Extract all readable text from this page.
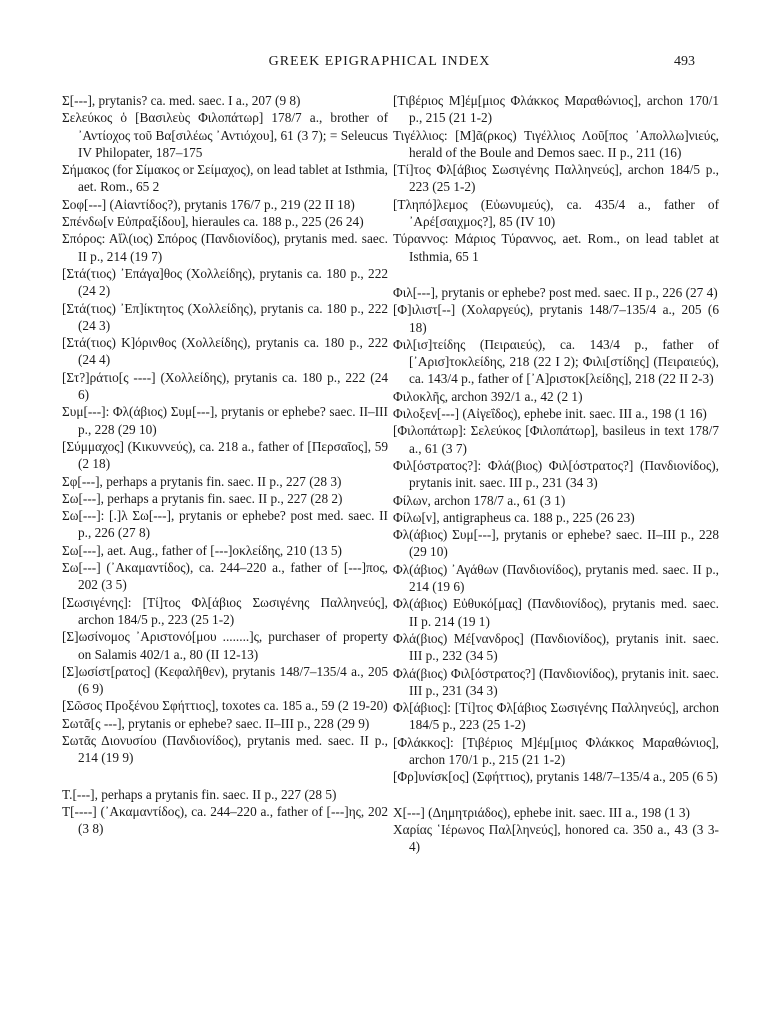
GREEK EPIGRAPHICAL INDEX	493

Σ[---], prytanis? ca. med. saec. I a., 207 (9 8)

Σελεύκος ὁ [Βασιλεὺς Φιλοπάτωρ] 178/7 a., brother of ᾿Αντίοχος τοῦ Βα[σιλέως ᾿Αντιόχου], 61 (3 7); = Seleucus IV Philopater, 187–175

Σήμακος (for Σίμακος or Σείμαχος), on lead tablet at Isthmia, aet. Rom., 65 2

Σοφ[---] (Αἰαντίδος?), prytanis 176/7 p., 219 (22 II 18)

Σπένδω[ν Εὐπραξίδου], hieraules ca. 188 p., 225 (26 24)

Σπόρος: Αἴλ(ιος) Σπόρος (Πανδιονίδος), prytanis med. saec. II p., 214 (19 7)

[Στά(τιος) ᾿Επάγα]θος (Χολλείδης), prytanis ca. 180 p., 222 (24 2)

[Στά(τιος) ᾿Επ]ίκτητος (Χολλείδης), prytanis ca. 180 p., 222 (24 3)

[Στά(τιος) Κ]όρινθος (Χολλείδης), prytanis ca. 180 p., 222 (24 4)

[Στ?]ράτιο[ς ----] (Χολλείδης), prytanis ca. 180 p., 222 (24 6)

Συμ[---]: Φλ(άβιος) Συμ[---], prytanis or ephebe? saec. II–III p., 228 (29 10)

[Σύμμαχος] (Κικυννεύς), ca. 218 a., father of [Περσαῖος], 59 (2 18)

Σφ[---], perhaps a prytanis fin. saec. II p., 227 (28 3)

Σω[---], perhaps a prytanis fin. saec. II p., 227 (28 2)

Σω[---]: [.]λ Σω[---], prytanis or ephebe? post med. saec. II p., 226 (27 8)

Σω[---], aet. Aug., father of [---]οκλείδης, 210 (13 5)

Σω[---] (᾿Ακαμαντίδος), ca. 244–220 a., father of [---]πος, 202 (3 5)

[Σωσιγένης]: [Τί]τος Φλ[άβιος Σωσιγένης Παλληνεύς], archon 184/5 p., 223 (25 1-2)

[Σ]ωσίνομος ᾿Αριστονό[μου ........]ς, purchaser of property on Salamis 402/1 a., 80 (II 12-13)

[Σ]ωσίστ[ρατος] (Κεφαλῆθεν), prytanis 148/7–135/4 a., 205 (6 9)

[Σῶσος Προξένου Σφήττιος], toxotes ca. 185 a., 59 (2 19-20)

Σωτᾶ[ς ---], prytanis or ephebe? saec. II–III p., 228 (29 9)

Σωτᾶς Διονυσίου (Πανδιονίδος), prytanis med. saec. II p., 214 (19 9)

Τ.[---], perhaps a prytanis fin. saec. II p., 227 (28 5)

Τ[----] (᾿Ακαμαντίδος), ca. 244–220 a., father of [---]ης, 202 (3 8)

[Τιβέριος Μ]έμ[μιος Φλάκκος Μαραθώνιος], archon 170/1 p., 215 (21 1-2)

Τιγέλλιος: [Μ]ᾶ(ρκος) Τιγέλλιος Λοῦ[πος ᾿Απολλω]νιεύς, herald of the Boule and Demos saec. II p., 211 (16)

[Τί]τος Φλ[άβιος Σωσιγένης Παλληνεύς], archon 184/5 p., 223 (25 1-2)

[Τληπό]λεμος (Εὐωνυμεύς), ca. 435/4 a., father of ᾿Αρέ[σαιχμος?], 85 (IV 10)

Τύραννος: Μάριος Τύραννος, aet. Rom., on lead tablet at Isthmia, 65 1

Φιλ[---], prytanis or ephebe? post med. saec. II p., 226 (27 4)

[Φ]ιλιστ[--] (Χολαργεύς), prytanis 148/7–135/4 a., 205 (6 18)

Φιλ[ισ]τείδης (Πειραιεύς), ca. 143/4 p., father of [᾿Αρισ]τοκλείδης, 218 (22 I 2); Φιλι[στίδης] (Πειραιεύς), ca. 143/4 p., father of [᾿Α]ριστοκ[λείδης], 218 (22 II 2-3)

Φιλοκλῆς, archon 392/1 a., 42 (2 1)

Φιλοξεν[---] (Αἰγεΐδος), ephebe init. saec. III a., 198 (1 16)

[Φιλοπάτωρ]: Σελεύκος [Φιλοπάτωρ], basileus in text 178/7 a., 61 (3 7)

Φιλ[όστρατος?]: Φλά(βιος) Φιλ[όστρατος?] (Πανδιονίδος), prytanis init. saec. III p., 231 (34 3)

Φίλων, archon 178/7 a., 61 (3 1)

Φίλω[ν], antigrapheus ca. 188 p., 225 (26 23)

Φλ(άβιος) Συμ[---], prytanis or ephebe? saec. II–III p., 228 (29 10)

Φλ(άβιος) ᾿Αγάθων (Πανδιονίδος), prytanis med. saec. II p., 214 (19 6)

Φλ(άβιος) Εὐθυκό[μας] (Πανδιονίδος), prytanis med. saec. II p. 214 (19 1)

Φλά(βιος) Μέ[νανδρος] (Πανδιονίδος), prytanis init. saec. III p., 232 (34 5)

Φλά(βιος) Φιλ[όστρατος?] (Πανδιονίδος), prytanis init. saec. III p., 231 (34 3)

Φλ[άβιος]: [Τί]τος Φλ[άβιος Σωσιγένης Παλληνεύς], archon 184/5 p., 223 (25 1-2)

[Φλάκκος]: [Τιβέριος Μ]έμ[μιος Φλάκκος Μαραθώνιος], archon 170/1 p., 215 (21 1-2)

[Φρ]υνίσκ[ος] (Σφήττιος), prytanis 148/7–135/4 a., 205 (6 5)

Χ[---] (Δημητριάδος), ephebe init. saec. III a., 198 (1 3)

Χαρίας ῾Ιέρωνος Παλ[ληνεύς], honored ca. 350 a., 43 (3 3-4)
